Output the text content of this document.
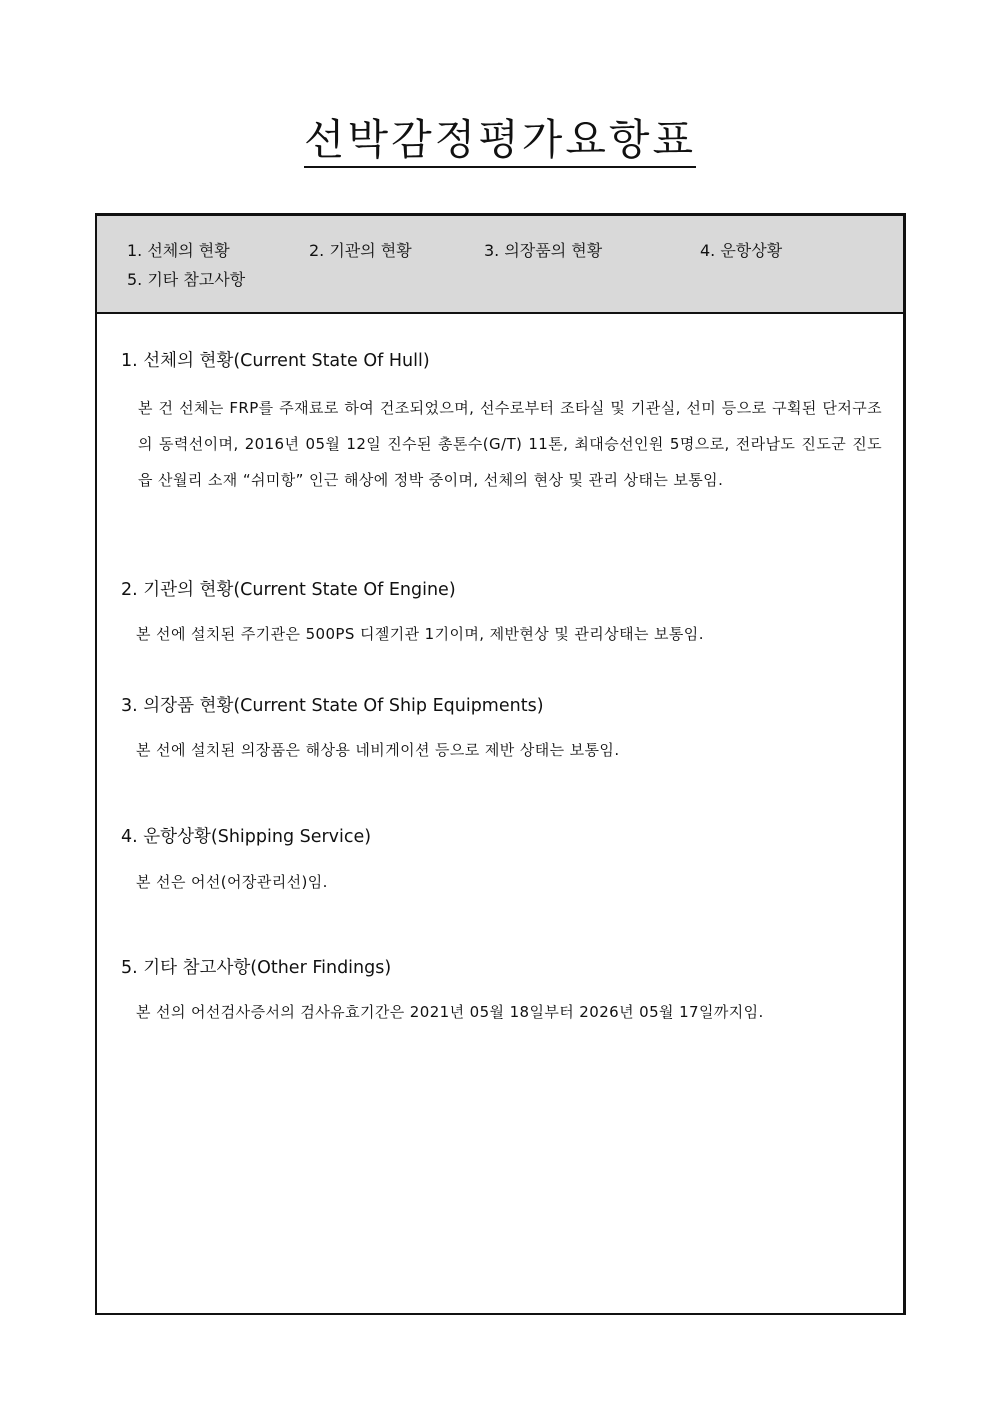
선박감정평가요항표
1. 선체의 현황	2. 기관의 현황	3. 의장품의 현황	4. 운항상황
5. 기타 참고사항
1. 선체의 현황(Current State Of Hull)
본 건 선체는 FRP를 주재료로 하여 건조되었으며, 선수로부터 조타실 및 기관실, 선미 등으로 구획된 단저구조의 동력선이며, 2016년 05월 12일 진수된 총톤수(G/T) 11톤, 최대승선인원 5명으로, 전라남도 진도군 진도읍 산월리 소재 “쉬미항” 인근 해상에 정박 중이며, 선체의 현상 및 관리 상태는 보통임.
2. 기관의 현황(Current State Of Engine)
본 선에 설치된 주기관은 500PS 디젤기관 1기이며, 제반현상 및 관리상태는 보통임.
3. 의장품 현황(Current State Of Ship Equipments)
본 선에 설치된 의장품은 해상용 네비게이션 등으로 제반 상태는 보통임.
4. 운항상황(Shipping Service)
본 선은 어선(어장관리선)임.
5. 기타 참고사항(Other Findings)
본 선의 어선검사증서의 검사유효기간은 2021년 05월 18일부터 2026년 05월 17일까지임.
